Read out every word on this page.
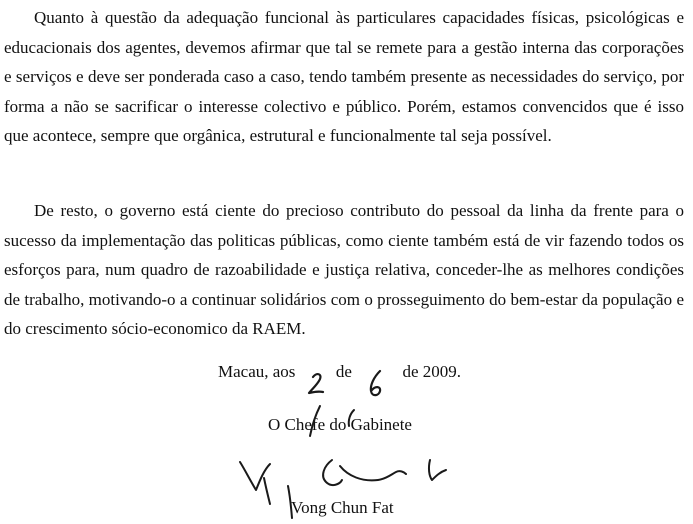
Quanto à questão da adequação funcional às particulares capacidades físicas, psicológicas e educacionais dos agentes, devemos afirmar que tal se remete para a gestão interna das corporações e serviços e deve ser ponderada caso a caso, tendo também presente as necessidades do serviço, por forma a não se sacrificar o interesse colectivo e público. Porém, estamos convencidos que é isso que acontece, sempre que orgânica, estrutural e funcionalmente tal seja possível.

De resto, o governo está ciente do precioso contributo do pessoal da linha da frente para o sucesso da implementação das politicas públicas, como ciente também está de vir fazendo todos os esforços para, num quadro de razoabilidade e justiça relativa, conceder-lhe as melhores condições de trabalho, motivando-o a continuar solidários com o prosseguimento do bem-estar da população e do crescimento sócio-economico da RAEM.

Macau, aos de	de 2009.
O Chefe do Gabinete
Vong Chun Fat
